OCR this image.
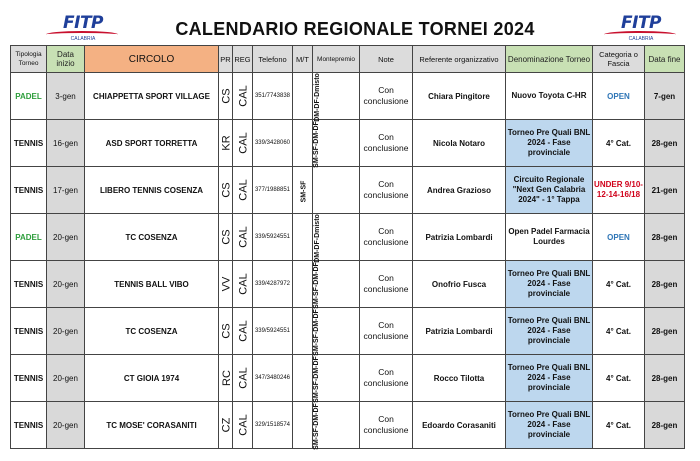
FITP
CALABRIA	CALENDARIO REGIONALE TORNEI 2024	FITP
CALABRIA
Tipologia Torneo	Data inizio	CIRCOLO	PR	REG	Telefono	M/T	Montepremio	Note	Referente organizzativo	Denominazione Torneo	Categoria o Fascia	Data fine
PADEL	3-gen	CHIAPPETTA SPORT VILLAGE	CS	CAL	351/7743838	DM-DF-Dmisto		Con conclusione	Chiara Pingitore	Nuovo Toyota C-HR	OPEN	7-gen
TENNIS	16-gen	ASD SPORT TORRETTA	KR	CAL	339/3428060	SM-SF-DM-DF		Con conclusione	Nicola Notaro	Torneo Pre Quali BNL 2024 - Fase provinciale	4° Cat.	28-gen
TENNIS	17-gen	LIBERO TENNIS COSENZA	CS	CAL	377/1988851	SM-SF		Con conclusione	Andrea Grazioso	Circuito Regionale "Next Gen Calabria 2024" - 1° Tappa	UNDER 9/10-12-14-16/18	21-gen
PADEL	20-gen	TC COSENZA	CS	CAL	339/5924551	DM-DF-Dmisto		Con conclusione	Patrizia Lombardi	Open Padel Farmacia Lourdes	OPEN	28-gen
TENNIS	20-gen	TENNIS BALL VIBO	VV	CAL	339/4287972	SM-SF-DM-DF		Con conclusione	Onofrio Fusca	Torneo Pre Quali BNL 2024 - Fase provinciale	4° Cat.	28-gen
TENNIS	20-gen	TC COSENZA	CS	CAL	339/5924551	SM-SF-DM-DF		Con conclusione	Patrizia Lombardi	Torneo Pre Quali BNL 2024 - Fase provinciale	4° Cat.	28-gen
TENNIS	20-gen	CT GIOIA 1974	RC	CAL	347/3480246	SM-SF-DM-DF		Con conclusione	Rocco Tilotta	Torneo Pre Quali BNL 2024 - Fase provinciale	4° Cat.	28-gen
TENNIS	20-gen	TC MOSE' CORASANITI	CZ	CAL	329/1518574	SM-SF-DM-DF		Con conclusione	Edoardo Corasaniti	Torneo Pre Quali BNL 2024 - Fase provinciale	4° Cat.	28-gen
